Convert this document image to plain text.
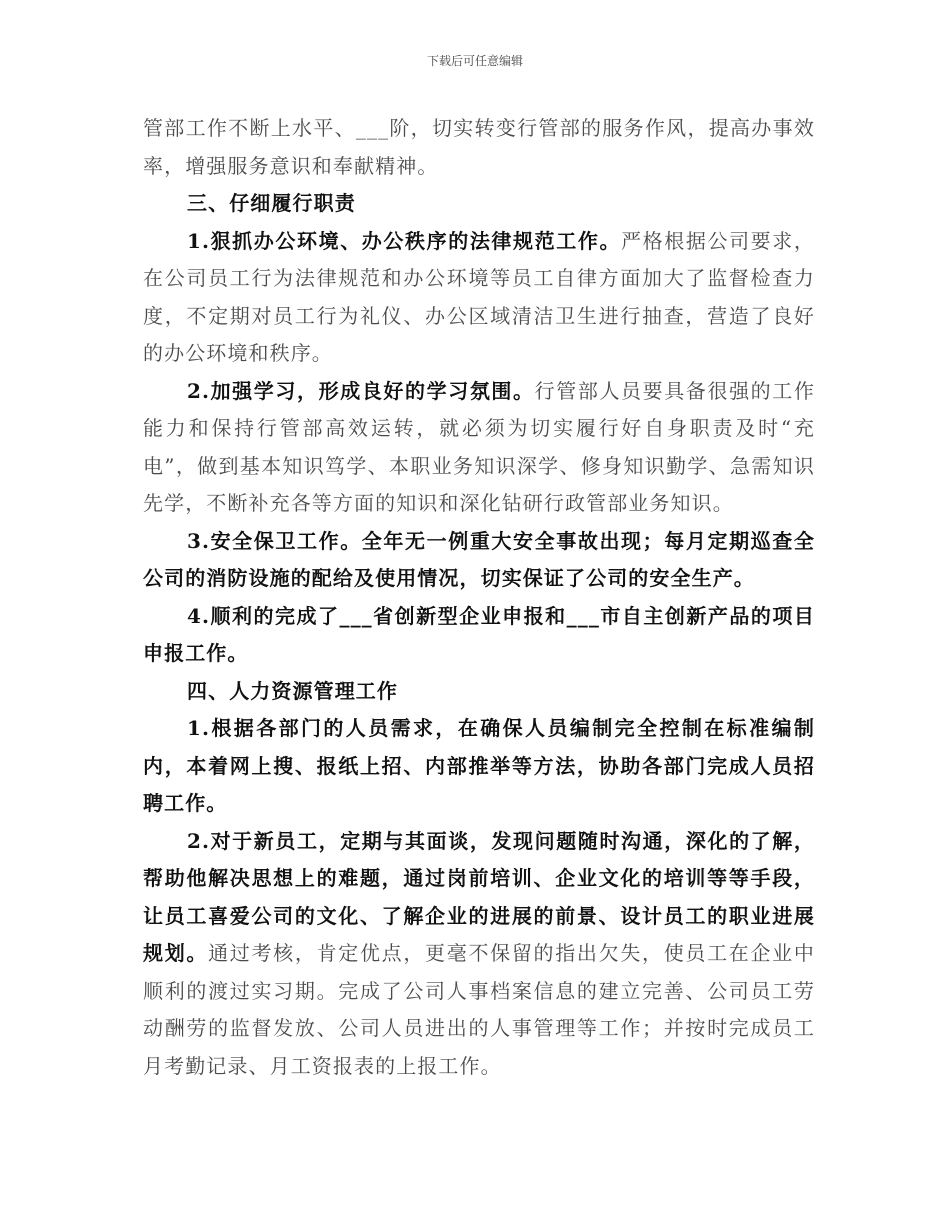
下载后可任意编辑

管部工作不断上水平、___阶，切实转变行管部的服务作风，提高办事效率，增强服务意识和奉献精神。

三、仔细履行职责

1.狠抓办公环境、办公秩序的法律规范工作。严格根据公司要求，在公司员工行为法律规范和办公环境等员工自律方面加大了监督检查力度，不定期对员工行为礼仪、办公区域清洁卫生进行抽查，营造了良好的办公环境和秩序。

2.加强学习，形成良好的学习氛围。行管部人员要具备很强的工作能力和保持行管部高效运转，就必须为切实履行好自身职责及时“充电”，做到基本知识笃学、本职业务知识深学、修身知识勤学、急需知识先学，不断补充各等方面的知识和深化钻研行政管部业务知识。

3.安全保卫工作。全年无一例重大安全事故出现；每月定期巡查全公司的消防设施的配给及使用情况，切实保证了公司的安全生产。

4.顺利的完成了___省创新型企业申报和___市自主创新产品的项目申报工作。

四、人力资源管理工作

1.根据各部门的人员需求，在确保人员编制完全控制在标准编制内，本着网上搜、报纸上招、内部推举等方法，协助各部门完成人员招聘工作。

2.对于新员工，定期与其面谈，发现问题随时沟通，深化的了解，帮助他解决思想上的难题，通过岗前培训、企业文化的培训等等手段，让员工喜爱公司的文化、了解企业的进展的前景、设计员工的职业进展规划。通过考核，肯定优点，更毫不保留的指出欠失，使员工在企业中顺利的渡过实习期。完成了公司人事档案信息的建立完善、公司员工劳动酬劳的监督发放、公司人员进出的人事管理等工作；并按时完成员工月考勤记录、月工资报表的上报工作。
